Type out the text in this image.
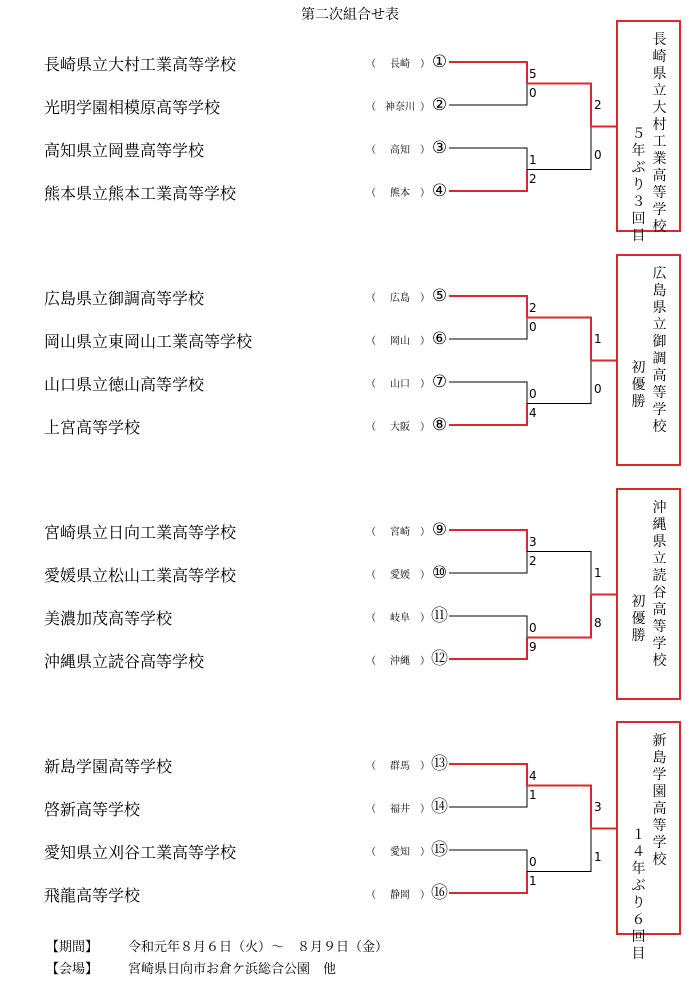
第二次組合せ表
長崎県立大村工業高等学校	（	長崎	） ①
光明学園相模原高等学校	（ 神奈川 ） ②
高知県立岡豊高等学校	（	高知	） ③
熊本県立熊本工業高等学校	（	熊本	） ④
5
0
1
2
2
0
長崎県立大村工業高等学校
５年ぶり３回目
広島県立御調高等学校	（	広島	） ⑤
岡山県立東岡山工業高等学校	（	岡山	） ⑥
山口県立徳山高等学校	（	山口	） ⑦
上宮高等学校	（	大阪	） ⑧
2
0
0
4
1
0
広島県立御調高等学校
初優勝
宮崎県立日向工業高等学校	（	宮崎	） ⑨
愛媛県立松山工業高等学校	（	愛媛	） ⑩
美濃加茂高等学校	（	岐阜	） ⑪
沖縄県立読谷高等学校	（	沖縄	） ⑫
3
2
0
9
1
8
沖縄県立読谷高等学校
初優勝
新島学園高等学校	（	群馬	） ⑬
啓新高等学校	（	福井	） ⑭
愛知県立刈谷工業高等学校	（	愛知	） ⑮
飛龍高等学校	（	静岡	） ⑯
4
1
0
1
3
1
新島学園高等学校
１４年ぶり６回目
【期間】 令和元年８月６日（火）～　８月９日（金）
【会場】 宮崎県日向市お倉ケ浜総合公園　他
